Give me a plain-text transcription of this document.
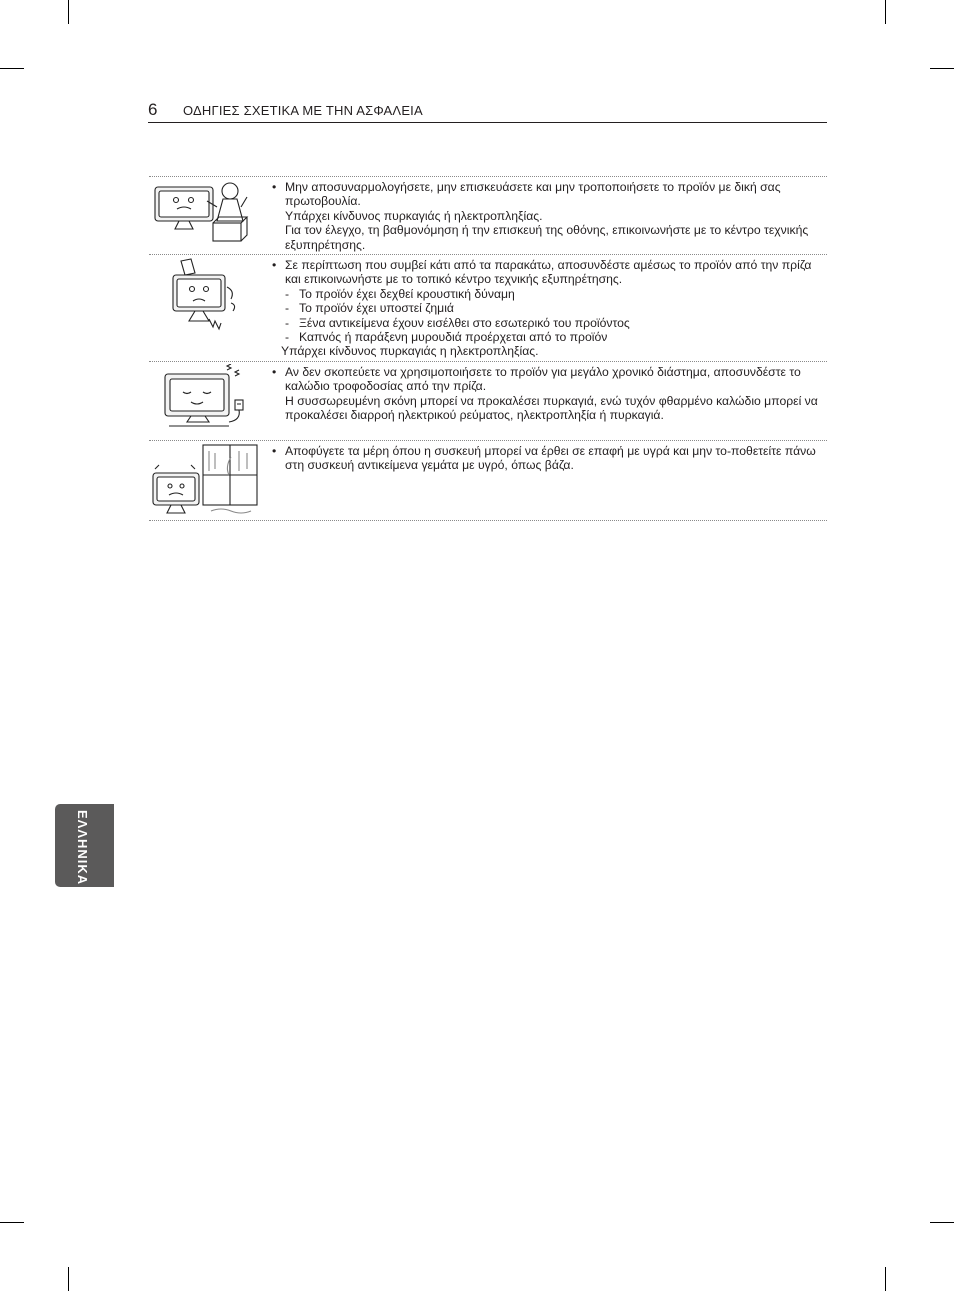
6 ΟΔΗΓΙΕΣ ΣΧΕΤΙΚΑ ΜΕ ΤΗΝ ΑΣΦΑΛΕΙΑ
• Μην αποσυναρμολογήσετε, μην επισκευάσετε και μην τροποποιήσετε το προϊόν με δική σας πρωτοβουλία.
Υπάρχει κίνδυνος πυρκαγιάς ή ηλεκτροπληξίας.
Για τον έλεγχο, τη βαθμονόμηση ή την επισκευή της οθόνης, επικοινωνήστε με το κέντρο τεχνικής εξυπηρέτησης.
• Σε περίπτωση που συμβεί κάτι από τα παρακάτω, αποσυνδέστε αμέσως το προϊόν από την πρίζα και επικοινωνήστε με το τοπικό κέντρο τεχνικής εξυπηρέτησης.
- Το προϊόν έχει δεχθεί κρουστική δύναμη
- Το προϊόν έχει υποστεί ζημιά
- Ξένα αντικείμενα έχουν εισέλθει στο εσωτερικό του προϊόντος
- Καπνός ή παράξενη μυρουδιά προέρχεται από το προϊόν
Υπάρχει κίνδυνος πυρκαγιάς η ηλεκτροπληξίας.
• Αν δεν σκοπεύετε να χρησιμοποιήσετε το προϊόν για μεγάλο χρονικό διάστημα, αποσυνδέστε το καλώδιο τροφοδοσίας από την πρίζα.
Η συσσωρευμένη σκόνη μπορεί να προκαλέσει πυρκαγιά, ενώ τυχόν φθαρμένο καλώδιο μπορεί να προκαλέσει διαρροή ηλεκτρικού ρεύματος, ηλεκτροπληξία ή πυρκαγιά.
• Αποφύγετε τα μέρη όπου η συσκευή μπορεί να έρθει σε επαφή με υγρά και μην το-ποθετείτε πάνω στη συσκευή αντικείμενα γεμάτα με υγρό, όπως βάζα.
ΕΛΛΗΝΙΚΑ
